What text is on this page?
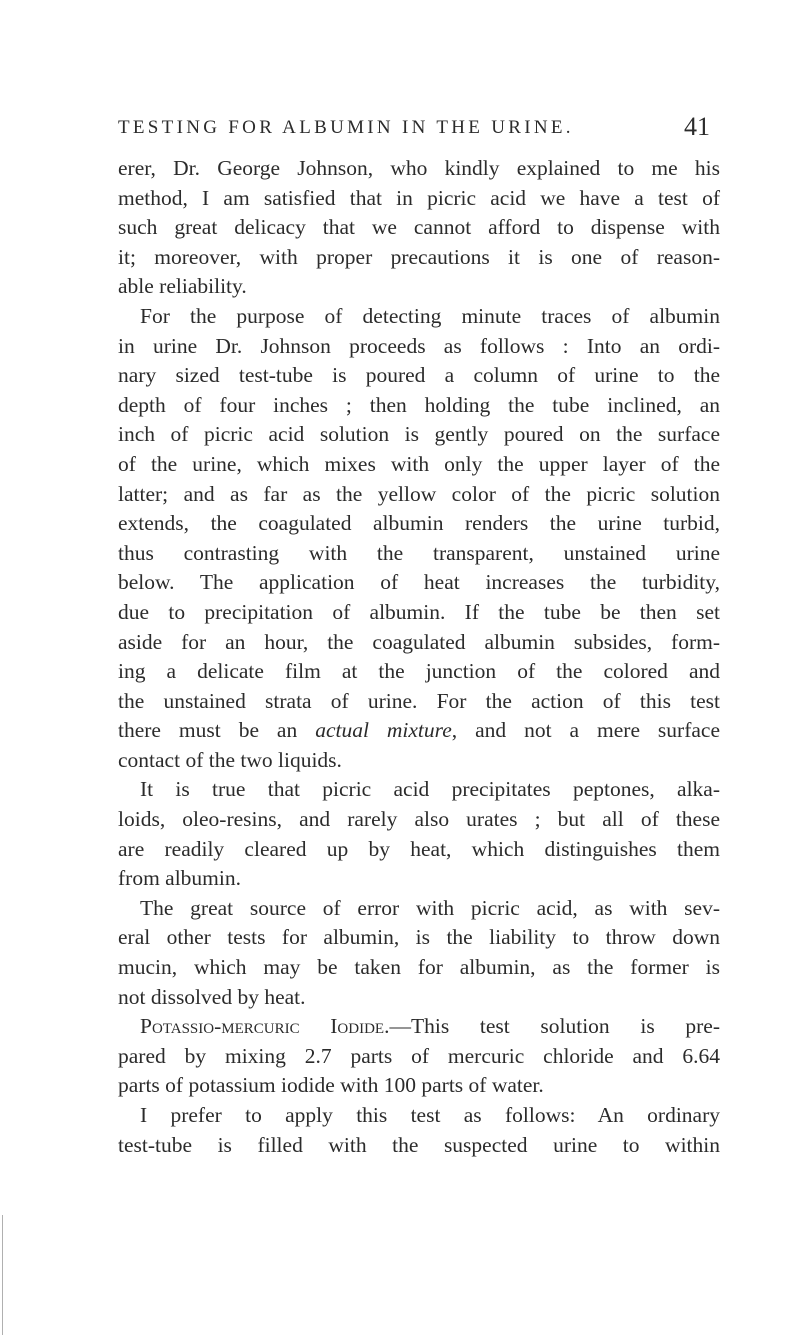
TESTING FOR ALBUMIN IN THE URINE.	41
erer, Dr. George Johnson, who kindly explained to me his
method, I am satisfied that in picric acid we have a test of
such great delicacy that we cannot afford to dispense with
it; moreover, with proper precautions it is one of reason-
able reliability.
For the purpose of detecting minute traces of albumin
in urine Dr. Johnson proceeds as follows : Into an ordi-
nary sized test-tube is poured a column of urine to the
depth of four inches ; then holding the tube inclined, an
inch of picric acid solution is gently poured on the surface
of the urine, which mixes with only the upper layer of the
latter; and as far as the yellow color of the picric solution
extends, the coagulated albumin renders the urine turbid,
thus contrasting with the transparent, unstained urine
below. The application of heat increases the turbidity,
due to precipitation of albumin. If the tube be then set
aside for an hour, the coagulated albumin subsides, form-
ing a delicate film at the junction of the colored and
the unstained strata of urine. For the action of this test
there must be an actual mixture, and not a mere surface
contact of the two liquids.
It is true that picric acid precipitates peptones, alka-
loids, oleo-resins, and rarely also urates ; but all of these
are readily cleared up by heat, which distinguishes them
from albumin.
The great source of error with picric acid, as with sev-
eral other tests for albumin, is the liability to throw down
mucin, which may be taken for albumin, as the former is
not dissolved by heat.
Potassio-mercuric Iodide.—This test solution is pre-
pared by mixing 2.7 parts of mercuric chloride and 6.64
parts of potassium iodide with 100 parts of water.
I prefer to apply this test as follows: An ordinary
test-tube is filled with the suspected urine to within
